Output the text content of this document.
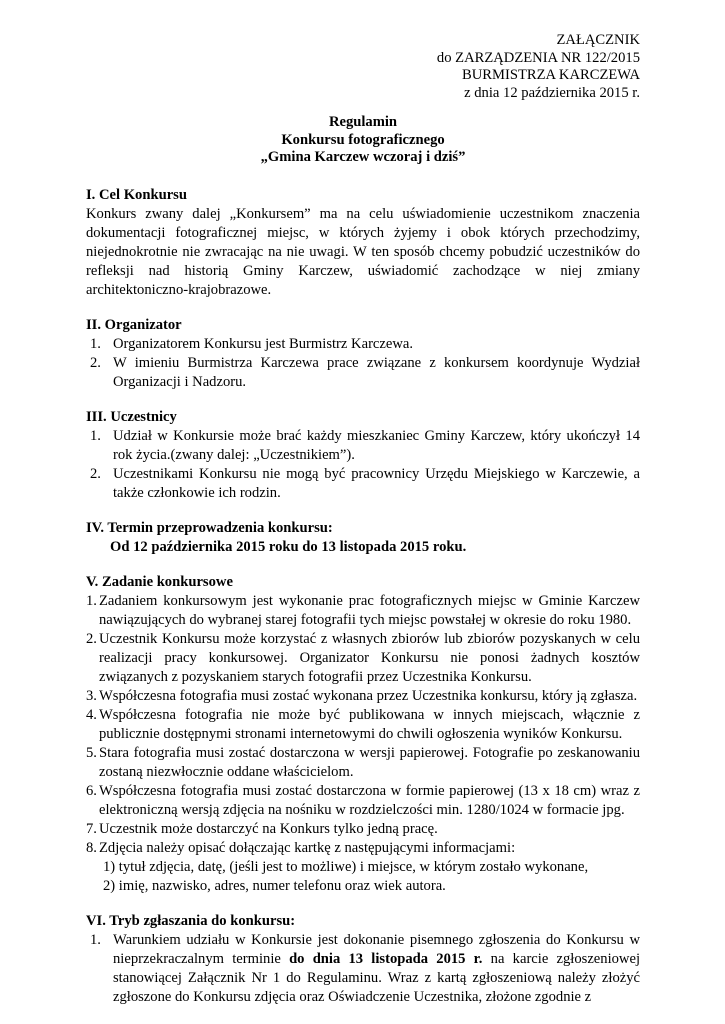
ZAŁĄCZNIK
do ZARZĄDZENIA NR 122/2015
BURMISTRZA KARCZEWA
z dnia 12 października 2015 r.
Regulamin
Konkursu fotograficznego
„Gmina Karczew wczoraj i dziś”
I. Cel Konkursu
Konkurs zwany dalej „Konkursem” ma na celu uświadomienie uczestnikom znaczenia dokumentacji fotograficznej miejsc, w których żyjemy i obok których przechodzimy, niejednokrotnie nie zwracając na nie uwagi. W ten sposób chcemy pobudzić uczestników do refleksji nad historią Gminy Karczew, uświadomić zachodzące w niej zmiany architektoniczno-krajobrazowe.
II. Organizator
1. Organizatorem Konkursu jest Burmistrz Karczewa.
2. W imieniu Burmistrza Karczewa prace związane z konkursem koordynuje Wydział Organizacji i Nadzoru.
III. Uczestnicy
1. Udział w Konkursie może brać każdy mieszkaniec Gminy Karczew, który ukończył 14 rok życia.(zwany dalej: „Uczestnikiem”).
2. Uczestnikami Konkursu nie mogą być pracownicy Urzędu Miejskiego w Karczewie, a także członkowie ich rodzin.
IV. Termin przeprowadzenia konkursu:
Od 12 października 2015 roku do 13 listopada 2015 roku.
V. Zadanie konkursowe
1. Zadaniem konkursowym jest wykonanie prac fotograficznych miejsc w Gminie Karczew nawiązujących do wybranej starej fotografii tych miejsc powstałej w okresie do roku 1980.
2. Uczestnik Konkursu może korzystać z własnych zbiorów lub zbiorów pozyskanych w celu realizacji pracy konkursowej. Organizator Konkursu nie ponosi żadnych kosztów związanych z pozyskaniem starych fotografii przez Uczestnika Konkursu.
3. Współczesna fotografia musi zostać wykonana przez Uczestnika konkursu, który ją zgłasza.
4. Współczesna fotografia nie może być publikowana w innych miejscach, włącznie z publicznie dostępnymi stronami internetowymi do chwili ogłoszenia wyników Konkursu.
5. Stara fotografia musi zostać dostarczona w wersji papierowej. Fotografie po zeskanowaniu zostaną niezwłocznie oddane właścicielom.
6. Współczesna fotografia musi zostać dostarczona w formie papierowej (13 x 18 cm) wraz z elektroniczną wersją zdjęcia na nośniku w rozdzielczości min. 1280/1024 w formacie jpg.
7. Uczestnik może dostarczyć na Konkurs tylko jedną pracę.
8. Zdjęcia należy opisać dołączając kartkę z następującymi informacjami:
1) tytuł zdjęcia, datę, (jeśli jest to możliwe) i miejsce, w którym zostało wykonane,
2) imię, nazwisko, adres, numer telefonu oraz wiek autora.
VI. Tryb zgłaszania do konkursu:
1. Warunkiem udziału w Konkursie jest dokonanie pisemnego zgłoszenia do Konkursu w nieprzekraczalnym terminie do dnia 13 listopada 2015 r. na karcie zgłoszeniowej stanowiącej Załącznik Nr 1 do Regulaminu. Wraz z kartą zgłoszeniową należy złożyć zgłoszone do Konkursu zdjęcia oraz Oświadczenie Uczestnika, złożone zgodnie z
